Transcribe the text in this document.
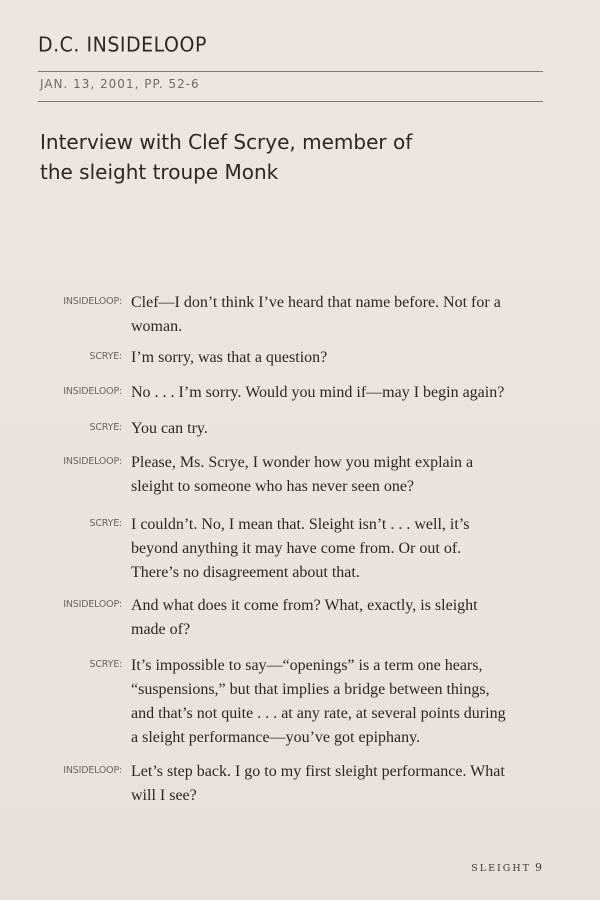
D.C. INSIDELOOP
JAN. 13, 2001, PP. 52-6
Interview with Clef Scrye, member of
the sleight troupe Monk
INSIDELOOP: Clef—I don’t think I’ve heard that name before. Not for a
woman.
SCRYE: I’m sorry, was that a question?
INSIDELOOP: No . . . I’m sorry. Would you mind if—may I begin again?
SCRYE: You can try.
INSIDELOOP: Please, Ms. Scrye, I wonder how you might explain a
sleight to someone who has never seen one?
SCRYE: I couldn’t. No, I mean that. Sleight isn’t . . . well, it’s
beyond anything it may have come from. Or out of.
There’s no disagreement about that.
INSIDELOOP: And what does it come from? What, exactly, is sleight
made of?
SCRYE: It’s impossible to say—“openings” is a term one hears,
“suspensions,” but that implies a bridge between things,
and that’s not quite . . . at any rate, at several points during
a sleight performance—you’ve got epiphany.
INSIDELOOP: Let’s step back. I go to my first sleight performance. What
will I see?
SLEIGHT 9
